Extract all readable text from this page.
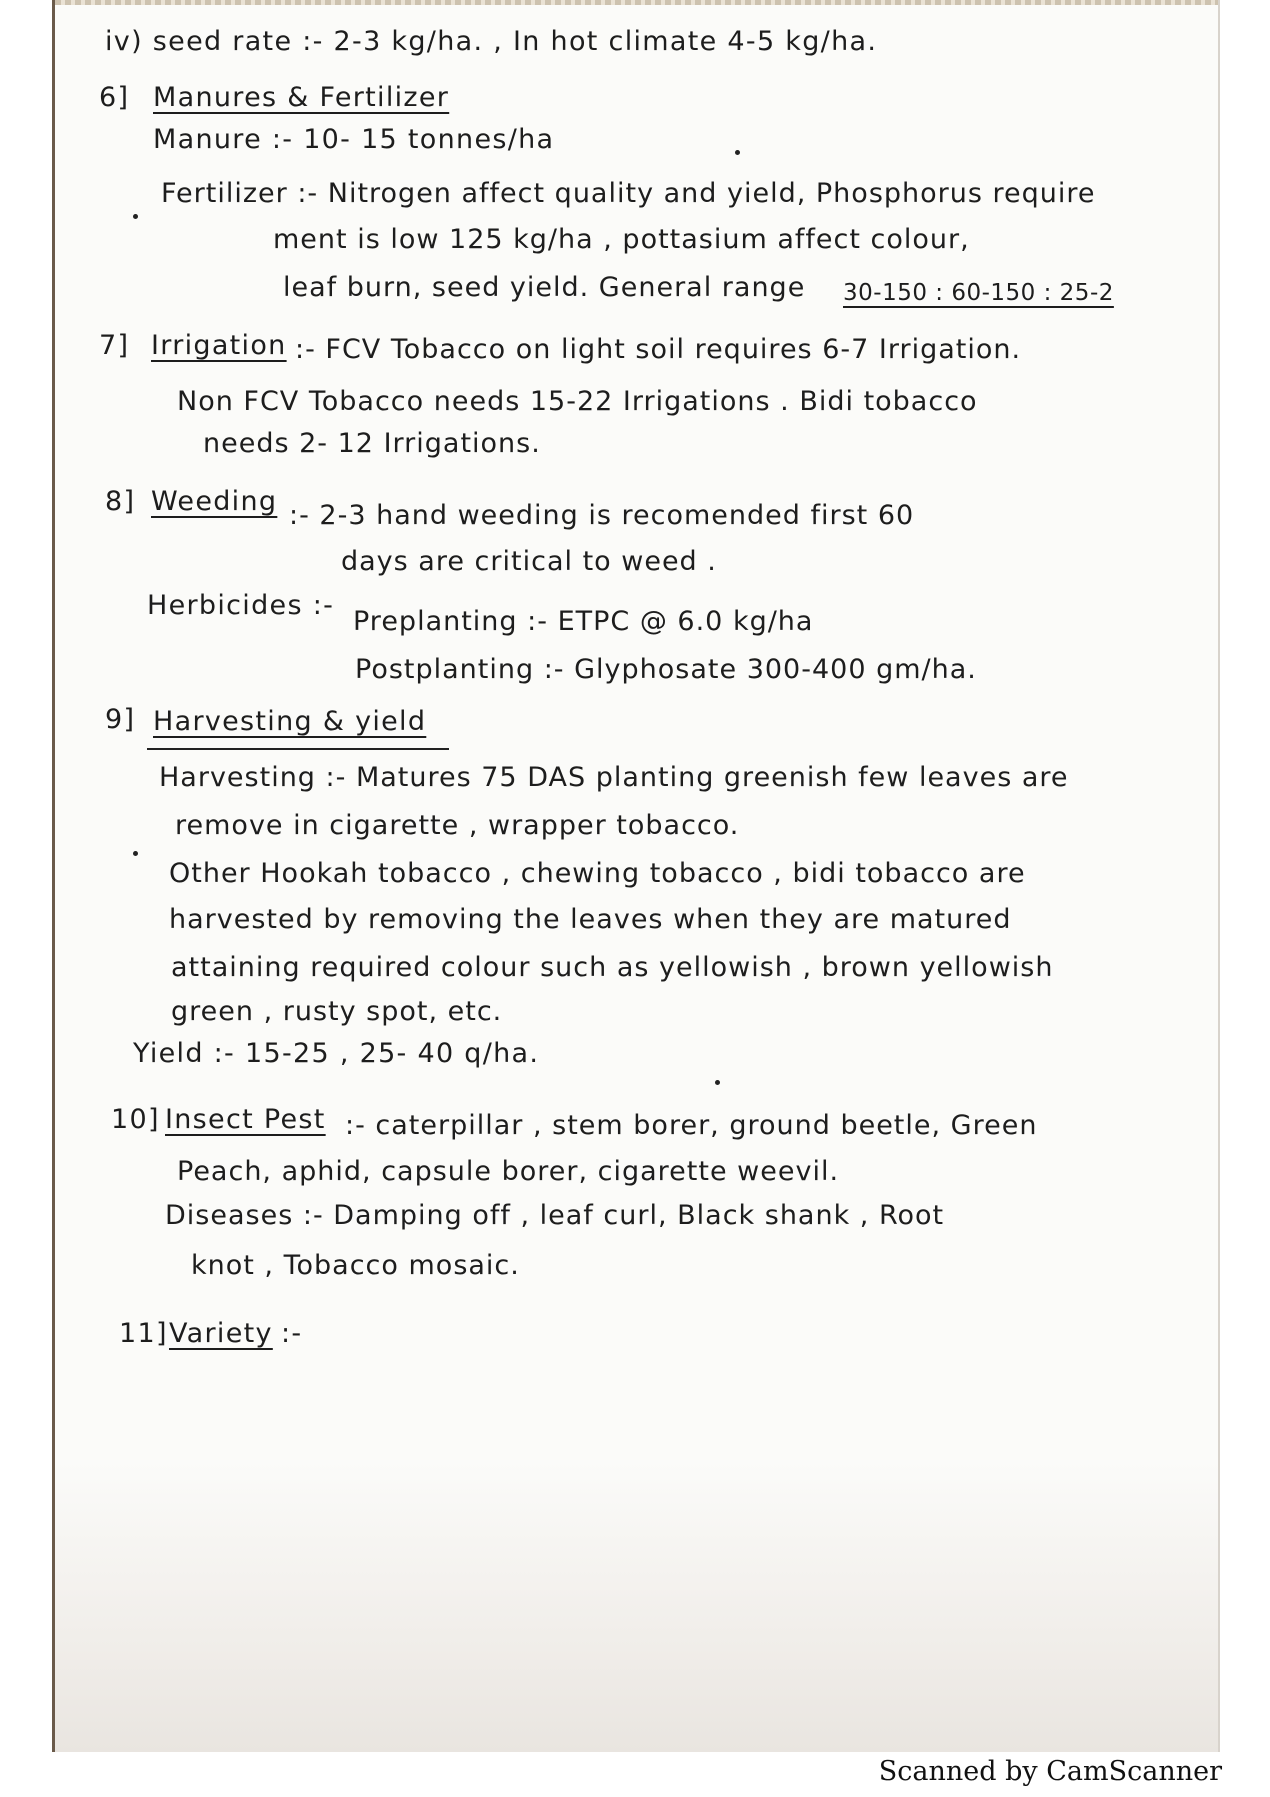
iv) seed rate :- 2-3 kg/ha. , In hot climate 4-5 kg/ha.
6] Manures & Fertilizer
Manure :- 10- 15 tonnes/ha
Fertilizer :- Nitrogen affect quality and yield, Phosphorus require
ment is low 125 kg/ha , pottasium affect colour,
leaf burn, seed yield. General range 30-150 : 60-150 : 25-2
7] Irrigation :- FCV Tobacco on light soil requires 6-7 Irrigation.
Non FCV Tobacco needs 15-22 Irrigations . Bidi tobacco
needs 2- 12 Irrigations.
8] Weeding :- 2-3 hand weeding is recomended first 60
days are critical to weed .
Herbicides :-
Preplanting :- ETPC @ 6.0 kg/ha
Postplanting :- Glyphosate 300-400 gm/ha.
9] Harvesting & yield
Harvesting :- Matures 75 DAS planting greenish few leaves are
remove in cigarette , wrapper tobacco.
Other Hookah tobacco , chewing tobacco , bidi tobacco are
harvested by removing the leaves when they are matured
attaining required colour such as yellowish , brown yellowish
green , rusty spot, etc.
Yield :- 15-25 , 25- 40 q/ha.
10] Insect Pest :- caterpillar , stem borer, ground beetle, Green
Peach, aphid, capsule borer, cigarette weevil.
Diseases :- Damping off , leaf curl, Black shank , Root
knot , Tobacco mosaic.
11] Variety :-
Scanned by CamScanner
